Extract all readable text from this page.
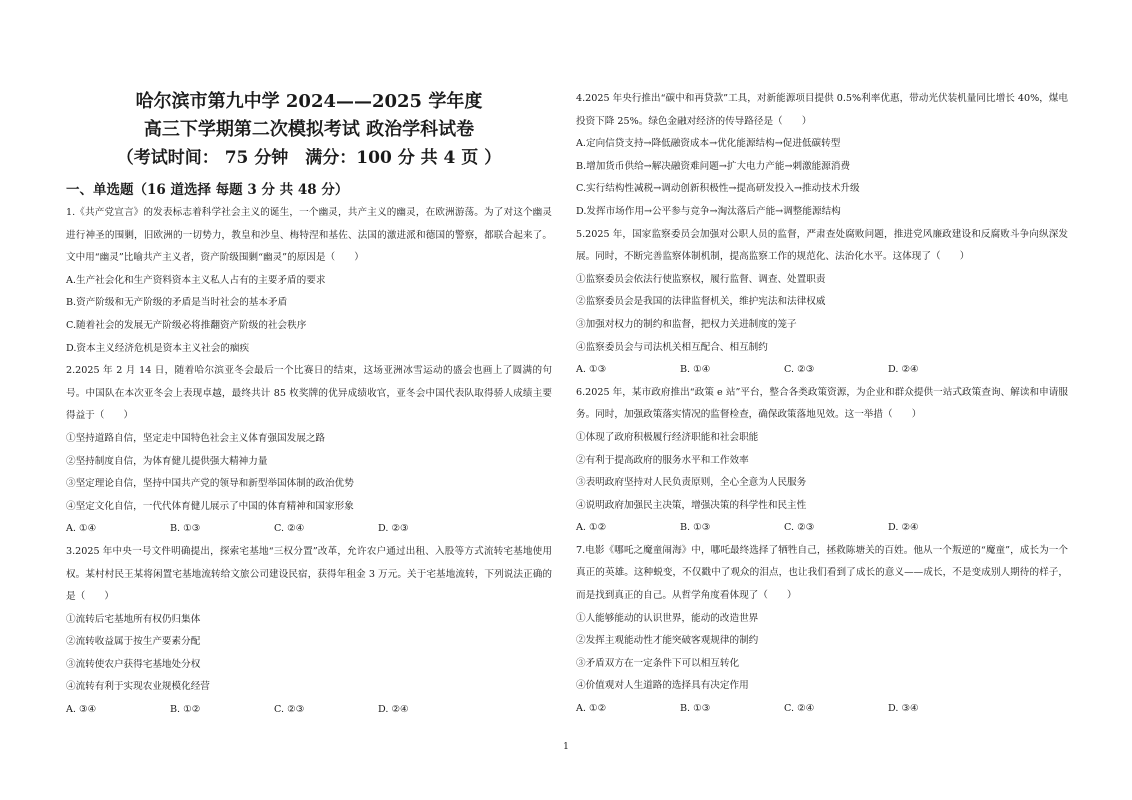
哈尔滨市第九中学 2024——2025 学年度

高三下学期第二次模拟考试 政治学科试卷

（考试时间： 75 分钟　满分：100 分 共 4 页 ）

一、单选题（16 道选择 每题 3 分 共 48 分）

1.《共产党宣言》的发表标志着科学社会主义的诞生，一个幽灵，共产主义的幽灵，在欧洲游荡。为了对这个幽灵进行神圣的围剿，旧欧洲的一切势力，教皇和沙皇、梅特涅和基佐、法国的激进派和德国的警察，都联合起来了。文中用“幽灵”比喻共产主义者，资产阶级围剿“幽灵”的原因是（　　）

A.生产社会化和生产资料资本主义私人占有的主要矛盾的要求

B.资产阶级和无产阶级的矛盾是当时社会的基本矛盾

C.随着社会的发展无产阶级必将推翻资产阶级的社会秩序

D.资本主义经济危机是资本主义社会的痼疾

2.2025 年 2 月 14 日，随着哈尔滨亚冬会最后一个比赛日的结束，这场亚洲冰雪运动的盛会也画上了圆满的句号。中国队在本次亚冬会上表现卓越，最终共计 85 枚奖牌的优异成绩收官，亚冬会中国代表队取得骄人成绩主要得益于（　　）

①坚持道路自信，坚定走中国特色社会主义体育强国发展之路

②坚持制度自信，为体育健儿提供强大精神力量

③坚定理论自信，坚持中国共产党的领导和新型举国体制的政治优势

④坚定文化自信，一代代体育健儿展示了中国的体育精神和国家形象

A. ①④	B. ①③	C. ②④	D. ②③

3.2025 年中央一号文件明确提出，探索宅基地“三权分置”改革，允许农户通过出租、入股等方式流转宅基地使用权。某村村民王某将闲置宅基地流转给文旅公司建设民宿，获得年租金 3 万元。关于宅基地流转，下列说法正确的是（　　）

①流转后宅基地所有权仍归集体

②流转收益属于按生产要素分配

③流转使农户获得宅基地处分权

④流转有利于实现农业规模化经营

A. ③④	B. ①②	C. ②③	D. ②④

4.2025 年央行推出“碳中和再贷款”工具，对新能源项目提供 0.5%利率优惠，带动光伏装机量同比增长 40%，煤电投资下降 25%。绿色金融对经济的传导路径是（　　）

A.定向信贷支持→降低融资成本→优化能源结构→促进低碳转型

B.增加货币供给→解决融资难问题→扩大电力产能→刺激能源消费

C.实行结构性减税→调动创新积极性→提高研发投入→推动技术升级

D.发挥市场作用→公平参与竞争→淘汰落后产能→调整能源结构

5.2025 年，国家监察委员会加强对公职人员的监督，严肃查处腐败问题，推进党风廉政建设和反腐败斗争向纵深发展。同时，不断完善监察体制机制，提高监察工作的规范化、法治化水平。这体现了（　　）

①监察委员会依法行使监察权，履行监督、调查、处置职责

②监察委员会是我国的法律监督机关，维护宪法和法律权威

③加强对权力的制约和监督，把权力关进制度的笼子

④监察委员会与司法机关相互配合、相互制约

A. ①③	B. ①④	C. ②③	D. ②④

6.2025 年，某市政府推出“政策 e 站”平台，整合各类政策资源，为企业和群众提供一站式政策查询、解读和申请服务。同时，加强政策落实情况的监督检查，确保政策落地见效。这一举措（　　）

①体现了政府积极履行经济职能和社会职能

②有利于提高政府的服务水平和工作效率

③表明政府坚持对人民负责原则，全心全意为人民服务

④说明政府加强民主决策，增强决策的科学性和民主性

A. ①②	B. ①③	C. ②③	D. ②④

7.电影《哪吒之魔童闹海》中，哪吒最终选择了牺牲自己，拯救陈塘关的百姓。他从一个叛逆的“魔童”，成长为一个真正的英雄。这种蜕变，不仅戳中了观众的泪点，也让我们看到了成长的意义——成长，不是变成别人期待的样子，而是找到真正的自己。从哲学角度看体现了（　　）

①人能够能动的认识世界，能动的改造世界

②发挥主观能动性才能突破客观规律的制约

③矛盾双方在一定条件下可以相互转化

④价值观对人生道路的选择具有决定作用

A. ①②	B. ①③	C. ②④	D. ③④
1
